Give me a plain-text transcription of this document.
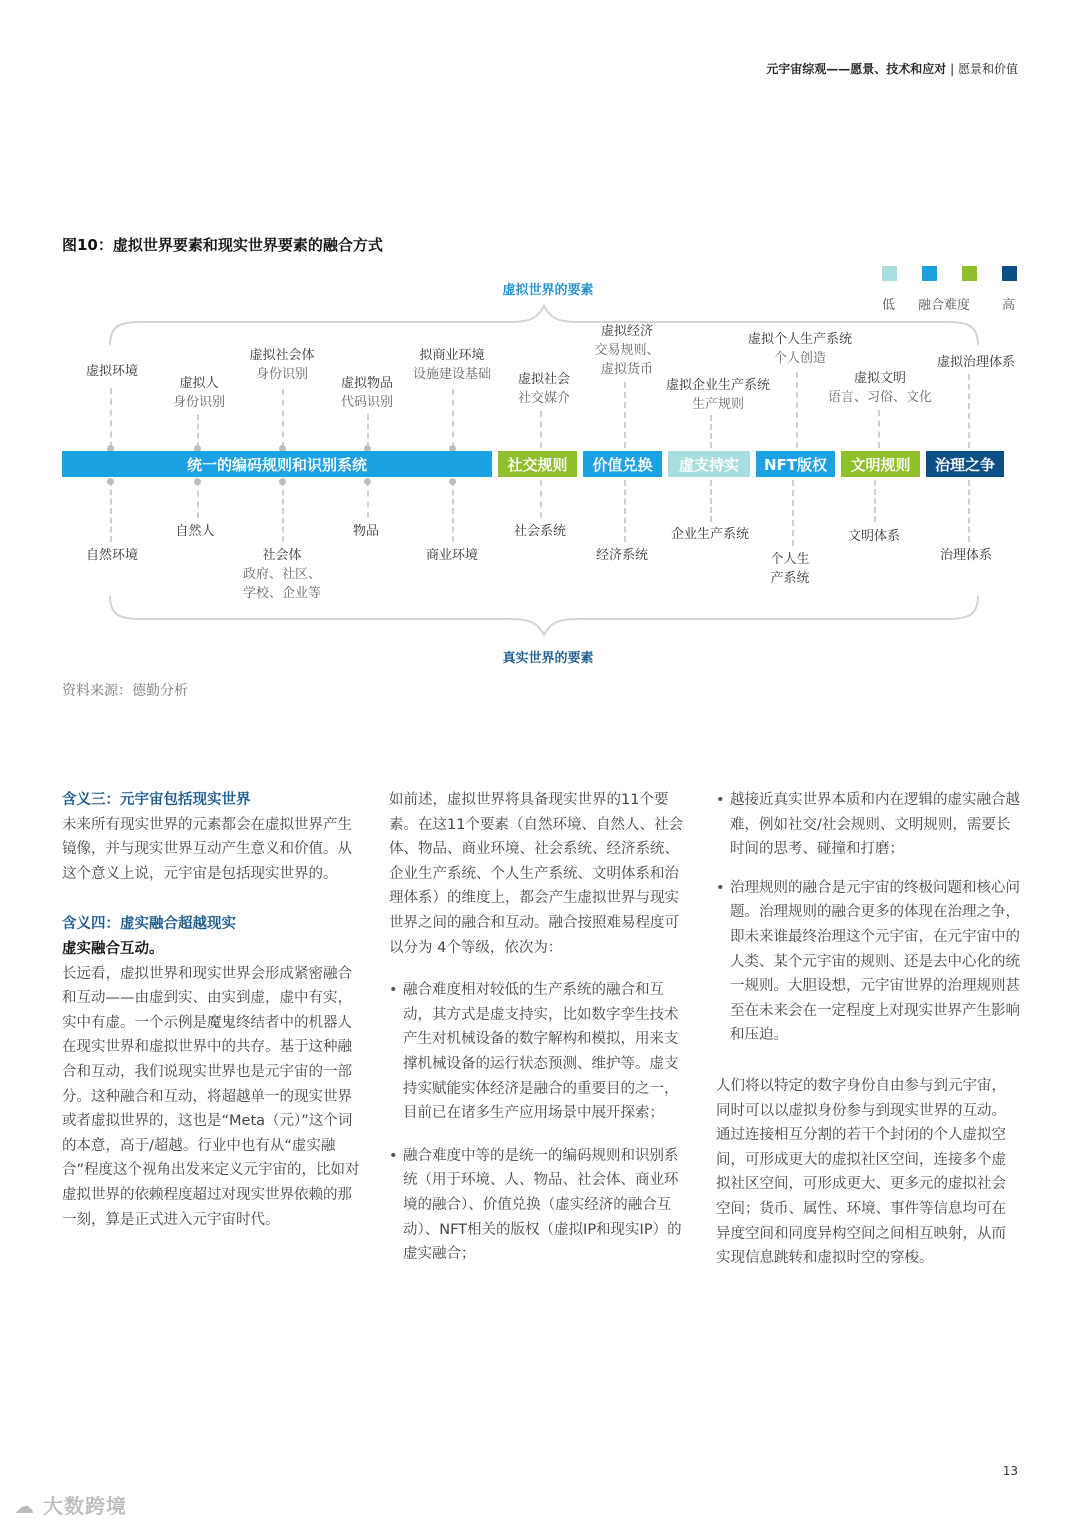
元宇宙综观——愿景、技术和应对 | 愿景和价值
图10：虚拟世界要素和现实世界要素的融合方式
低 融合难度 高
虚拟世界的要素
真实世界的要素
虚拟环境
虚拟人
身份识别
虚拟社会体
身份识别
虚拟物品
代码识别
拟商业环境
设施建设基础	虚拟社会
社交媒介
虚拟经济
交易规则、
虚拟货币
虚拟企业生产系统
生产规则
虚拟个人生产系统
个人创造
虚拟文明
语言、习俗、文化
虚拟治理体系
统一的编码规则和识别系统	社交规则	价值兑换	虚支持实	NFT版权	文明规则	治理之争
自然环境
自然人
社会体
政府、社区、
学校、企业等
物品
商业环境
社会系统
经济系统
企业生产系统
个人生
产系统
文明体系
治理体系
资料来源：德勤分析
含义三：元宇宙包括现实世界

未来所有现实世界的元素都会在虚拟世界产生镜像，并与现实世界互动产生意义和价值。从这个意义上说，元宇宙是包括现实世界的。

含义四：虚实融合超越现实
虚实融合互动。

长远看，虚拟世界和现实世界会形成紧密融合和互动——由虚到实、由实到虚，虚中有实，实中有虚。一个示例是魔鬼终结者中的机器人在现实世界和虚拟世界中的共存。基于这种融合和互动，我们说现实世界也是元宇宙的一部分。这种融合和互动，将超越单一的现实世界或者虚拟世界的，这也是“Meta（元）”这个词的本意，高于/超越。行业中也有从“虚实融合”程度这个视角出发来定义元宇宙的，比如对虚拟世界的依赖程度超过对现实世界依赖的那一刻，算是正式进入元宇宙时代。

如前述，虚拟世界将具备现实世界的11个要素。在这11个要素（自然环境、自然人、社会体、物品、商业环境、社会系统、经济系统、企业生产系统、个人生产系统、文明体系和治理体系）的维度上，都会产生虚拟世界与现实世界之间的融合和互动。融合按照难易程度可以分为 4个等级，依次为：

• 融合难度相对较低的生产系统的融合和互动，其方式是虚支持实，比如数字孪生技术产生对机械设备的数字解构和模拟，用来支撑机械设备的运行状态预测、维护等。虚支持实赋能实体经济是融合的重要目的之一，目前已在诸多生产应用场景中展开探索；
• 融合难度中等的是统一的编码规则和识别系统（用于环境、人、物品、社会体、商业环境的融合）、价值兑换（虚实经济的融合互动）、NFT相关的版权（虚拟IP和现实IP）的虚实融合；
• 越接近真实世界本质和内在逻辑的虚实融合越难，例如社交/社会规则、文明规则，需要长时间的思考、碰撞和打磨；
• 治理规则的融合是元宇宙的终极问题和核心问题。治理规则的融合更多的体现在治理之争，即未来谁最终治理这个元宇宙，在元宇宙中的人类、某个元宇宙的规则、还是去中心化的统一规则。大胆设想，元宇宙世界的治理规则甚至在未来会在一定程度上对现实世界产生影响和压迫。

人们将以特定的数字身份自由参与到元宇宙，同时可以以虚拟身份参与到现实世界的互动。通过连接相互分割的若干个封闭的个人虚拟空间，可形成更大的虚拟社区空间，连接多个虚拟社区空间，可形成更大、更多元的虚拟社会空间；货币、属性、环境、事件等信息均可在异度空间和同度异构空间之间相互映射，从而实现信息跳转和虚拟时空的穿梭。

13
☁ 大数跨境
